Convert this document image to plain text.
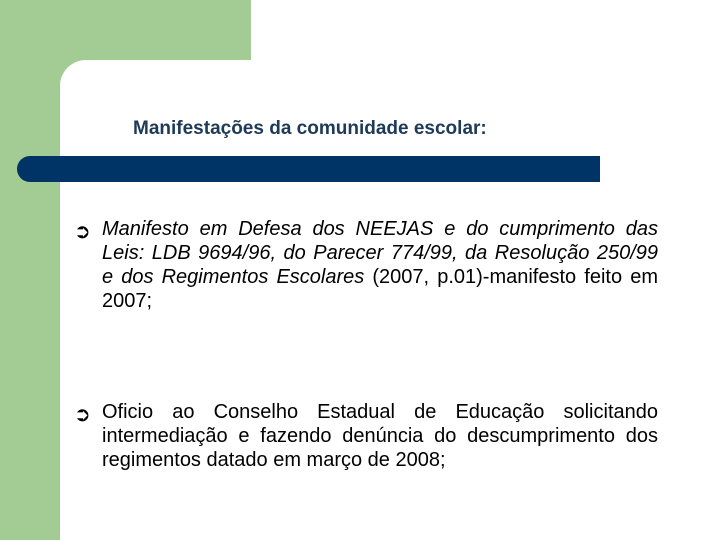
Manifestações da comunidade escolar:
➲ Manifesto em Defesa dos NEEJAS e do cumprimento das Leis: LDB 9694/96, do Parecer 774/99, da Resolução 250/99 e dos Regimentos Escolares (2007, p.01)-manifesto feito em 2007;
➲ Oficio ao Conselho Estadual de Educação solicitando intermediação e fazendo denúncia do descumprimento dos regimentos datado em março de 2008;
